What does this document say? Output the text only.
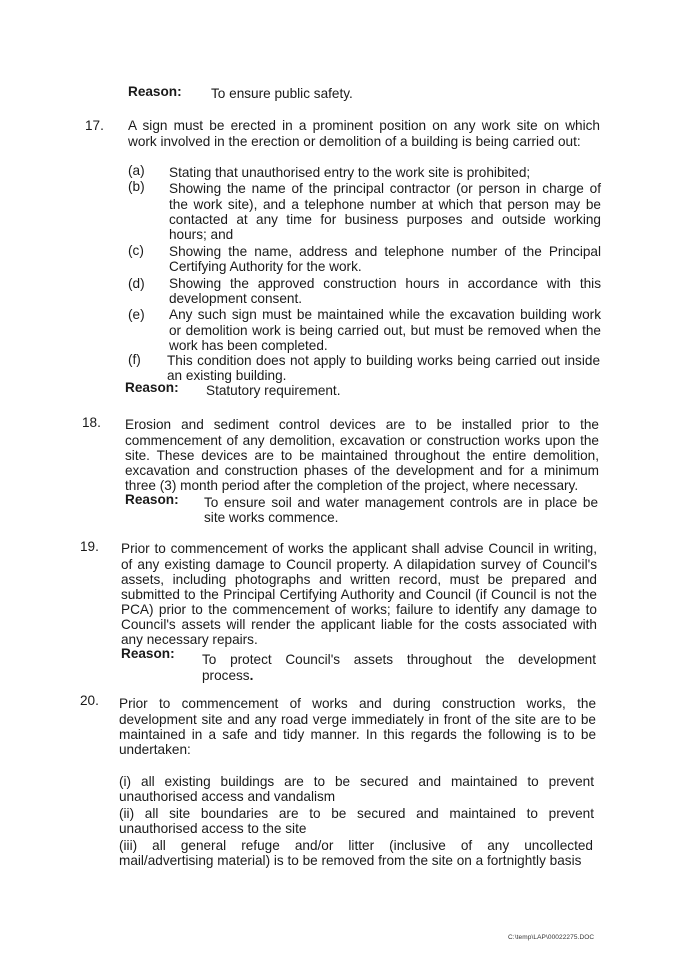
Reason: To ensure public safety.
17. A sign must be erected in a prominent position on any work site on which
work involved in the erection or demolition of a building is being carried out:
(a) Stating that unauthorised entry to the work site is prohibited;
(b) Showing the name of the principal contractor (or person in charge of
the work site), and a telephone number at which that person may be
contacted at any time for business purposes and outside working
hours; and
(c) Showing the name, address and telephone number of the Principal
Certifying Authority for the work.
(d) Showing the approved construction hours in accordance with this
development consent.
(e) Any such sign must be maintained while the excavation building work
or demolition work is being carried out, but must be removed when the
work has been completed.
(f) This condition does not apply to building works being carried out inside
an existing building.
Reason: Statutory requirement.
18. Erosion and sediment control devices are to be installed prior to the
commencement of any demolition, excavation or construction works upon the
site. These devices are to be maintained throughout the entire demolition,
excavation and construction phases of the development and for a minimum
three (3) month period after the completion of the project, where necessary.
Reason: To ensure soil and water management controls are in place be
site works commence.
19. Prior to commencement of works the applicant shall advise Council in writing,
of any existing damage to Council property. A dilapidation survey of Council's
assets, including photographs and written record, must be prepared and
submitted to the Principal Certifying Authority and Council (if Council is not the
PCA) prior to the commencement of works; failure to identify any damage to
Council's assets will render the applicant liable for the costs associated with
any necessary repairs.
Reason: To protect Council's assets throughout the development
process.
20. Prior to commencement of works and during construction works, the
development site and any road verge immediately in front of the site are to be
maintained in a safe and tidy manner. In this regards the following is to be
undertaken:
(i) all existing buildings are to be secured and maintained to prevent
unauthorised access and vandalism
(ii) all site boundaries are to be secured and maintained to prevent
unauthorised access to the site
(iii) all general refuge and/or litter (inclusive of any uncollected
mail/advertising material) is to be removed from the site on a fortnightly basis
C:\temp\LAP\00022275.DOC
